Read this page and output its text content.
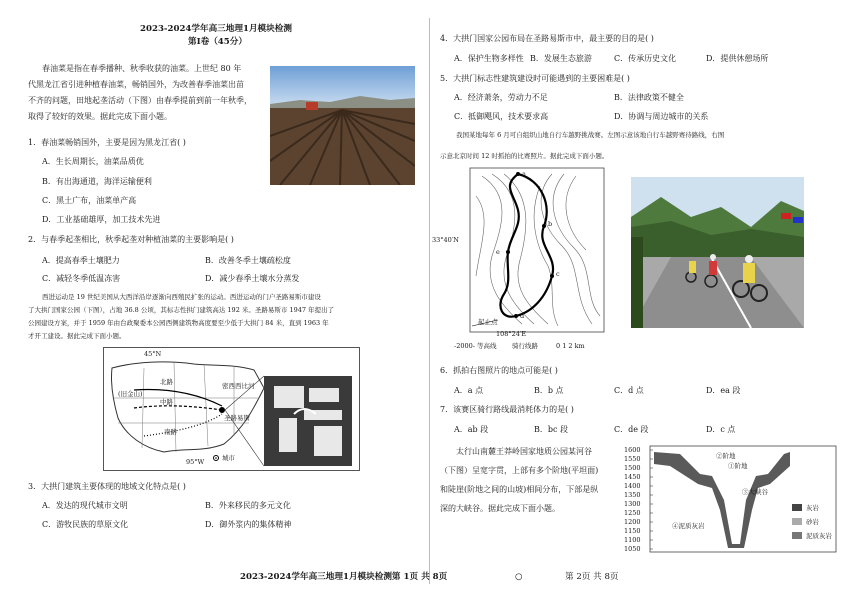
2023-2024学年高三地理1月模块检测
第Ⅰ卷（45分）
春油菜是指在春季播种、秋季收获的油菜。上世纪 80 年
代黑龙江省引进种植春油菜，畅销国外，为改善春季油菜出苗
不齐的问题，田地起垄活动（下图）由春季提前到前一年秋季，
取得了较好的效果。据此完成下面小题。
1．春油菜畅销国外，主要是因为黑龙江省( )
A．生长周期长，油菜品质优
B．有出海通道，海洋运输便利
C．黑土广布，油菜单产高
D．工业基础雄厚，加工技术先进
2．与春季起垄相比，秋季起垄对种植油菜的主要影响是( )
A．提高春季土壤肥力	B．改善冬季土壤疏松度
C．减轻冬季低温冻害	D．减少春季土壤水分蒸发
西进运动是 19 世纪美国从大西洋沿岸逐渐向西殖民扩张的运动。西进运动的门户圣路易斯市建设
了大拱门国家公园（下图），占地 36.8 公顷，其标志性拱门建筑高达 192 米。圣路易斯市 1947 年提出了
公园建设方案，并于 1959 年由台政聚委本公园西侧建筑物高度要至少低于大拱门 84 米，直到 1963 年
才开工建设。据此完成下面小题。
45°N
95°W
北路
中路
南路
(旧金山)
圣路易斯
密西西比河
城市
3．大拱门建筑主要体现的地域文化特点是( )
A．发达的现代城市文明	B．外来移民的多元文化
C．游牧民族的草原文化	D．御外浆内的集体精神
4．大拱门国家公园布局在圣路易斯市中，最主要的目的是( )
A．保护生物多样性 B．发展生态旅游	C．传承历史文化	D．提供休憩场所
5．大拱门标志性建筑建设时可能遇到的主要困难是( )
A．经济萧条，劳动力不足	B．法律政策不健全
C．抵御飓风，技术要求高	D．协调与周边城市的关系
我国某地每年 6 月可自组织山地自行车越野挑战赛。左图示意该地自行车越野赛待路线，右图
示意北京时间 12 时抓拍的比赛照片。据此完成下面小题。
33°40′N
108°24′E
起止点
a
b
c
d
e
-2000- 等高线 骑行线路	0 1 2 km
6．抓拍右图照片的地点可能是( )
A．a 点	B．b 点	C．d 点	D．ea 段
7．该赛区骑行路线最消耗体力的是( )
A．ab 段	B．bc 段	C．de 段	D．c 点
太行山南麓王莽岭国家地质公园某河谷
（下图）呈宽字贯，上部有多个阶地(平坦面)
和陡崖(阶地之间的山坡)相间分布，下部是纵
深的大峡谷。据此完成下面小题。
1600
1550
1500
1450
1400
1350
1300
1250
1200
1150
1100
1050
②阶地
①阶地
③大峡谷
④泥质灰岩
灰岩
砂岩
泥质灰岩
2023-2024学年高三地理1月模块检测第 1页 共 8页	○	第 2页 共 8页
